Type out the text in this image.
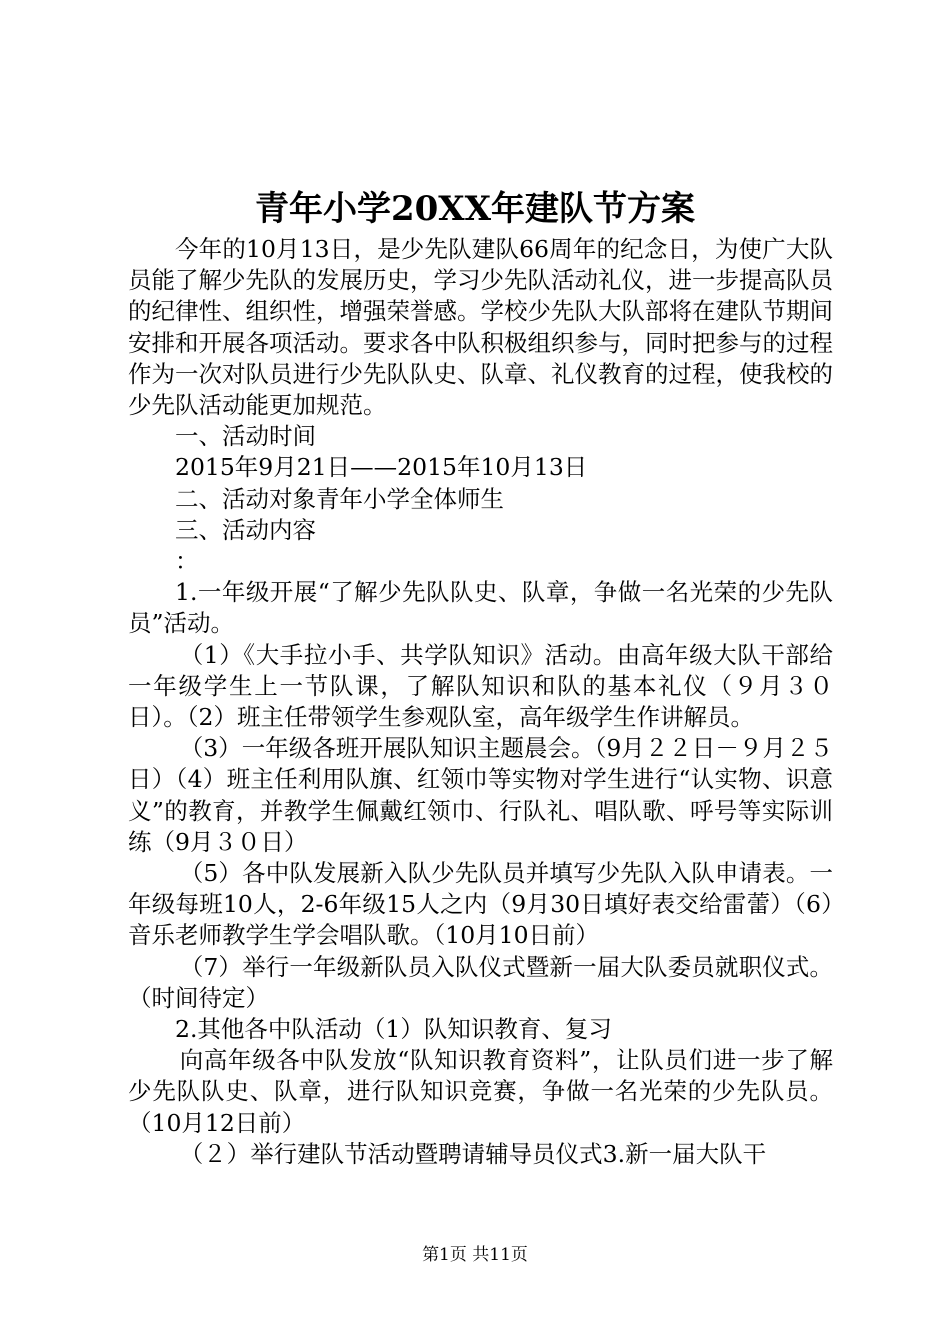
青年小学20XX年建队节方案

今年的10月13日，是少先队建队66周年的纪念日，为使广大队员能了解少先队的发展历史，学习少先队活动礼仪，进一步提高队员的纪律性、组织性，增强荣誉感。学校少先队大队部将在建队节期间安排和开展各项活动。要求各中队积极组织参与，同时把参与的过程作为一次对队员进行少先队队史、队章、礼仪教育的过程，使我校的少先队活动能更加规范。

一、活动时间

2015年9月21日——2015年10月13日

二、活动对象青年小学全体师生

三、活动内容

：

1.一年级开展“了解少先队队史、队章，争做一名光荣的少先队员”活动。

（1）《大手拉小手、共学队知识》活动。由高年级大队干部给一年级学生上一节队课，了解队知识和队的基本礼仪（９月３０日）。（2）班主任带领学生参观队室，高年级学生作讲解员。

（3）一年级各班开展队知识主题晨会。（9月２２日－９月２５日）（4）班主任利用队旗、红领巾等实物对学生进行“认实物、识意义”的教育，并教学生佩戴红领巾、行队礼、唱队歌、呼号等实际训练（9月３０日）

（5）各中队发展新入队少先队员并填写少先队入队申请表。一年级每班10人，2-6年级15人之内（9月30日填好表交给雷蕾）（6）音乐老师教学生学会唱队歌。（10月10日前）

（7）举行一年级新队员入队仪式暨新一届大队委员就职仪式。（时间待定）

2.其他各中队活动（1）队知识教育、复习

向高年级各中队发放“队知识教育资料”，让队员们进一步了解少先队队史、队章，进行队知识竞赛，争做一名光荣的少先队员。（10月12日前）

（２）举行建队节活动暨聘请辅导员仪式3.新一届大队干

第1页 共11页
